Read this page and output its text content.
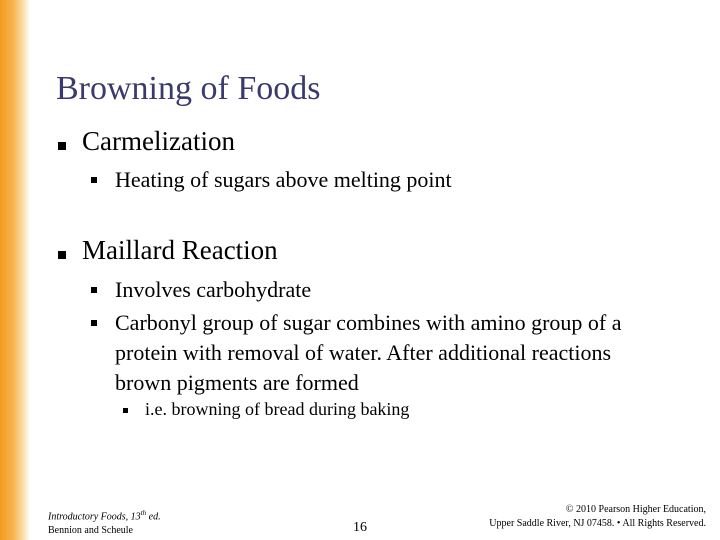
Browning of Foods
Carmelization
Heating of sugars above melting point
Maillard Reaction
Involves carbohydrate
Carbonyl group of sugar combines with amino group of a
protein with removal of water. After additional reactions
brown pigments are formed
i.e. browning of bread during baking
Introductory Foods, 13th ed.
Bennion and Scheule	16
© 2010 Pearson Higher Education,
Upper Saddle River, NJ 07458. • All Rights Reserved.
